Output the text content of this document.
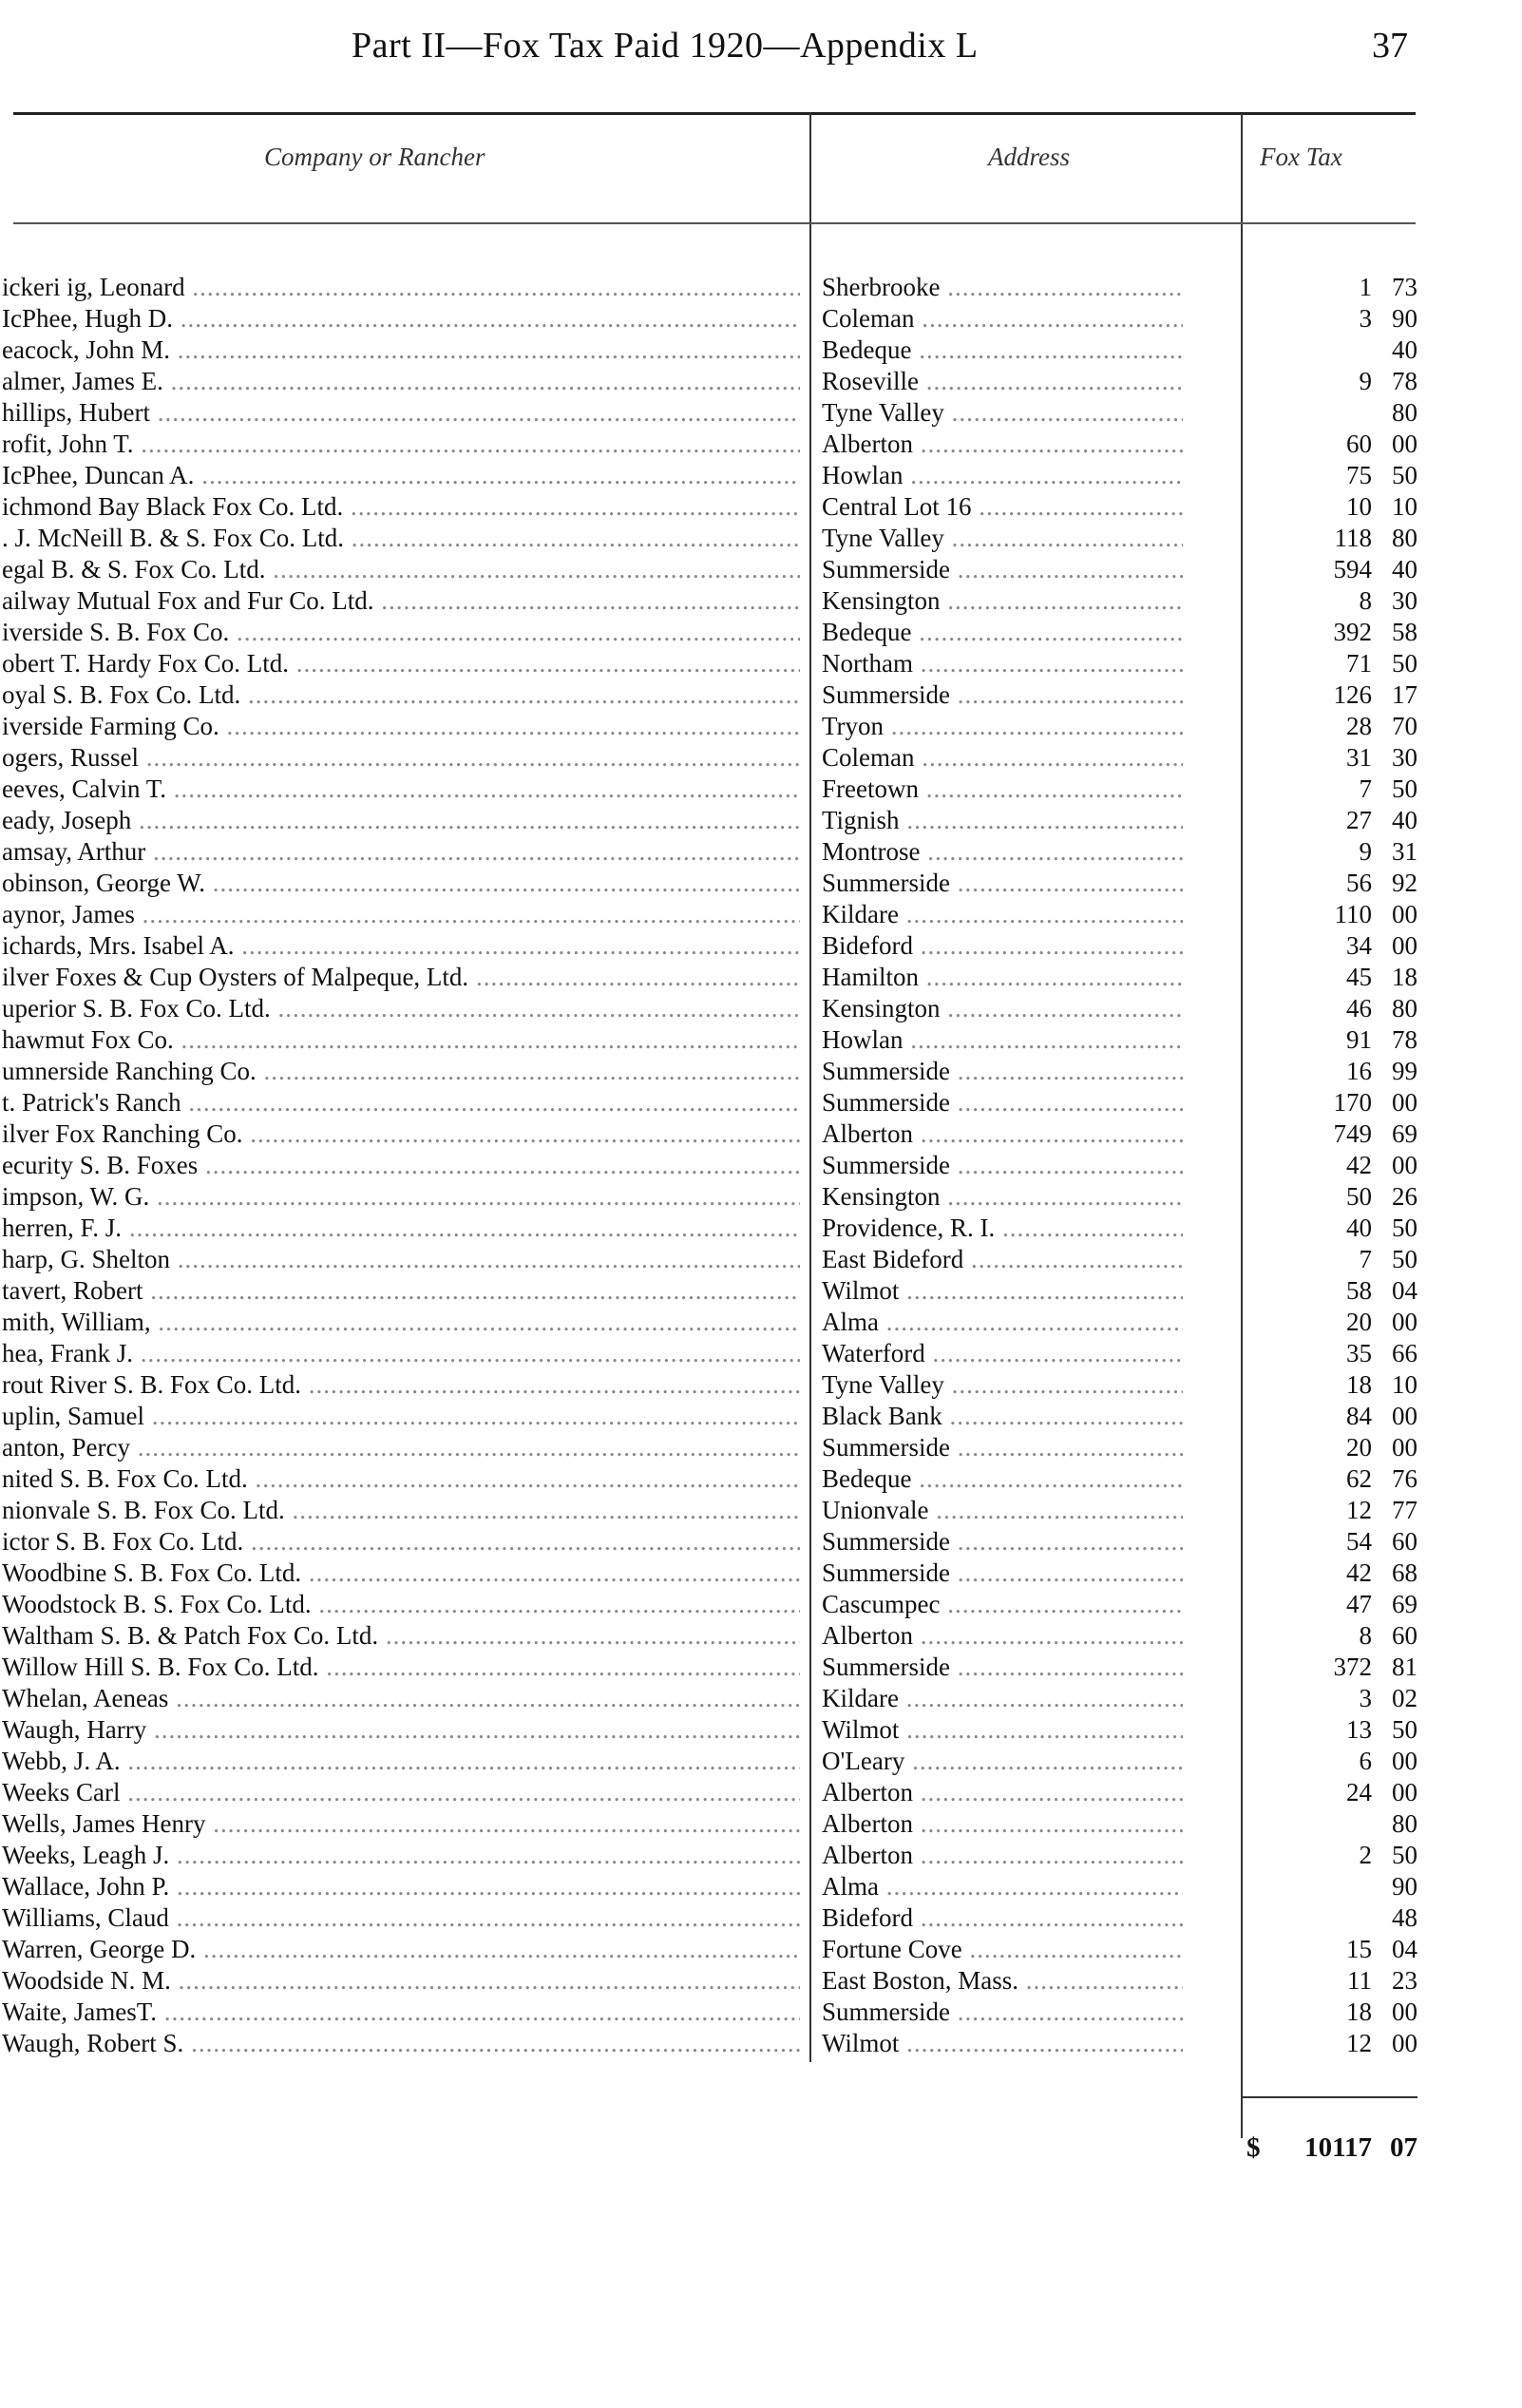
Part II—Fox Tax Paid 1920—Appendix L	37
Company or Rancher	Address	Fox Tax
ickeri ig, Leonard .....	Sherbrooke .....	1 73
IcPhee, Hugh D. .....	Coleman .....	3 90
eacock, John M. .....	Bedeque .....	40
almer, James E. .....	Roseville .....	9 78
hillips, Hubert .....	Tyne Valley .....	80
rofit, John T. .....	Alberton .....	60 00
IcPhee, Duncan A. .....	Howlan .....	75 50
ichmond Bay Black Fox Co. Ltd. .....	Central Lot 16 .....	10 10
. J. McNeill B. & S. Fox Co. Ltd. .....	Tyne Valley .....	118 80
egal B. & S. Fox Co. Ltd. .....	Summerside .....	594 40
ailway Mutual Fox and Fur Co. Ltd. .....	Kensington .....	8 30
iverside S. B. Fox Co. .....	Bedeque .....	392 58
obert T. Hardy Fox Co. Ltd. .....	Northam .....	71 50
oyal S. B. Fox Co. Ltd. .....	Summerside .....	126 17
iverside Farming Co. .....	Tryon .....	28 70
ogers, Russel .....	Coleman .....	31 30
eeves, Calvin T. .....	Freetown .....	7 50
eady, Joseph .....	Tignish .....	27 40
amsay, Arthur .....	Montrose .....	9 31
obinson, George W. .....	Summerside .....	56 92
aynor, James .....	Kildare .....	110 00
ichards, Mrs. Isabel A. .....	Bideford .....	34 00
ilver Foxes & Cup Oysters of Malpeque, Ltd. .....	Hamilton .....	45 18
uperior S. B. Fox Co. Ltd. .....	Kensington .....	46 80
hawmut Fox Co. .....	Howlan .....	91 78
umnerside Ranching Co. .....	Summerside .....	16 99
t. Patrick's Ranch .....	Summerside .....	170 00
ilver Fox Ranching Co. .....	Alberton .....	749 69
ecurity S. B. Foxes .....	Summerside .....	42 00
impson, W. G. .....	Kensington .....	50 26
herren, F. J. .....	Providence, R. I. .....	40 50
harp, G. Shelton .....	East Bideford .....	7 50
tavert, Robert .....	Wilmot .....	58 04
mith, William, .....	Alma .....	20 00
hea, Frank J. .....	Waterford .....	35 66
rout River S. B. Fox Co. Ltd. .....	Tyne Valley .....	18 10
uplin, Samuel .....	Black Bank .....	84 00
anton, Percy .....	Summerside .....	20 00
nited S. B. Fox Co. Ltd. .....	Bedeque .....	62 76
nionvale S. B. Fox Co. Ltd. .....	Unionvale .....	12 77
ictor S. B. Fox Co. Ltd. .....	Summerside .....	54 60
Woodbine S. B. Fox Co. Ltd. .....	Summerside .....	42 68
Woodstock B. S. Fox Co. Ltd. .....	Cascumpec .....	47 69
Waltham S. B. & Patch Fox Co. Ltd. .....	Alberton .....	8 60
Willow Hill S. B. Fox Co. Ltd. .....	Summerside .....	372 81
Whelan, Aeneas .....	Kildare .....	3 02
Waugh, Harry .....	Wilmot .....	13 50
Webb, J. A. .....	O'Leary .....	6 00
Weeks Carl .....	Alberton .....	24 00
Wells, James Henry .....	Alberton .....	80
Weeks, Leagh J. .....	Alberton .....	2 50
Wallace, John P. .....	Alma .....	90
Williams, Claud .....	Bideford .....	48
Warren, George D. .....	Fortune Cove .....	15 04
Woodside N. M. .....	East Boston, Mass. .....	11 23
Waite, JamesT. .....	Summerside .....	18 00
Waugh, Robert S. .....	Wilmot .....	12 00
$	10117 07
